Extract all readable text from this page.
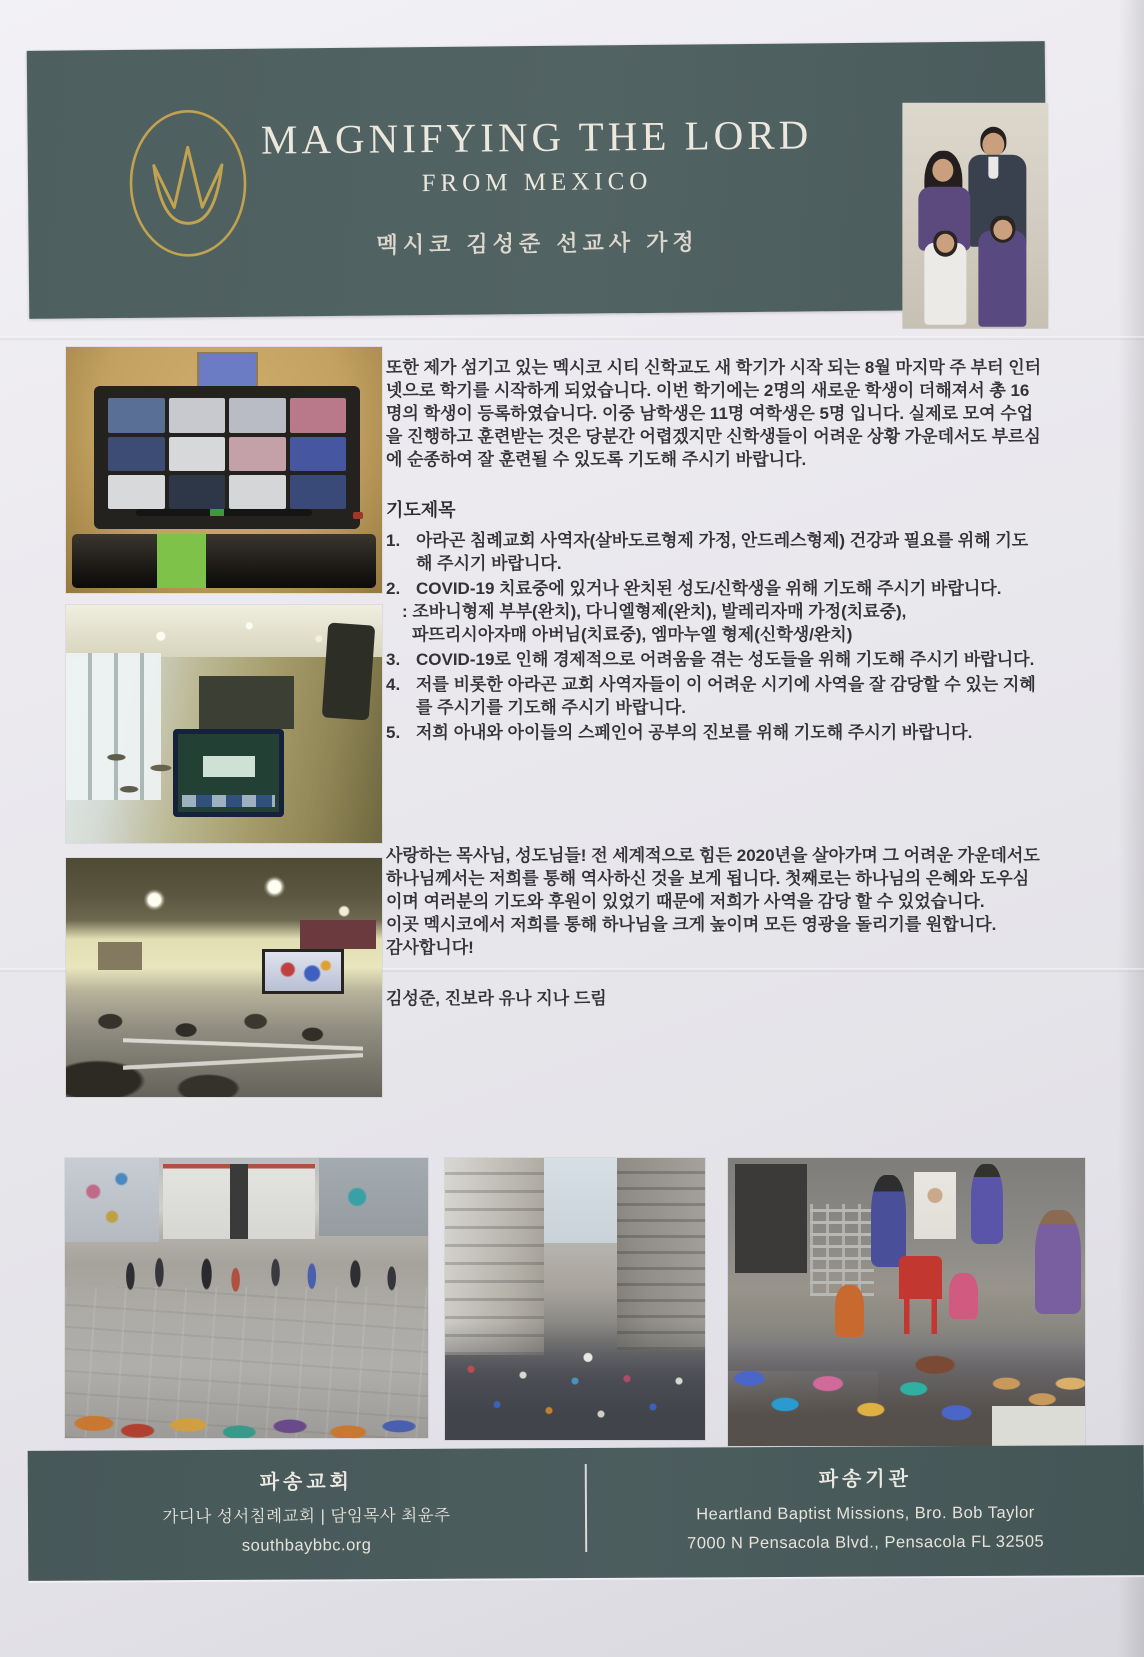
MAGNIFYING THE LORD
FROM MEXICO
멕시코 김성준 선교사 가정

또한 제가 섬기고 있는 멕시코 시티 신학교도 새 학기가 시작 되는 8월 마지막 주 부터 인터넷으로 학기를 시작하게 되었습니다. 이번 학기에는 2명의 새로운 학생이 더해져서 총 16명의 학생이 등록하였습니다. 이중 남학생은 11명 여학생은 5명 입니다. 실제로 모여 수업을 진행하고 훈련받는 것은 당분간 어렵겠지만 신학생들이 어려운 상황 가운데서도 부르심에 순종하여 잘 훈련될 수 있도록 기도해 주시기 바랍니다.

기도제목
1. 아라곤 침례교회 사역자(살바도르형제 가정, 안드레스형제) 건강과 필요를 위해 기도해 주시기 바랍니다.
2. COVID-19 치료중에 있거나 완치된 성도/신학생을 위해 기도해 주시기 바랍니다.
: 조바니형제 부부(완치), 다니엘형제(완치), 발레리자매 가정(치료중),
파뜨리시아자매 아버님(치료중), 엠마누엘 형제(신학생/완치)
3. COVID-19로 인해 경제적으로 어려움을 겪는 성도들을 위해 기도해 주시기 바랍니다.
4. 저를 비롯한 아라곤 교회 사역자들이 이 어려운 시기에 사역을 잘 감당할 수 있는 지혜를 주시기를 기도해 주시기 바랍니다.
5. 저희 아내와 아이들의 스페인어 공부의 진보를 위해 기도해 주시기 바랍니다.

사랑하는 목사님, 성도님들! 전 세계적으로 힘든 2020년을 살아가며 그 어려운 가운데서도 하나님께서는 저희를 통해 역사하신 것을 보게 됩니다. 첫째로는 하나님의 은혜와 도우심이며 여러분의 기도와 후원이 있었기 때문에 저희가 사역을 감당 할 수 있었습니다.

이곳 멕시코에서 저희를 통해 하나님을 크게 높이며 모든 영광을 돌리기를 원합니다.

감사합니다!

김성준, 진보라 유나 지나 드림

파송교회
가디나 성서침례교회 | 담임목사 최윤주
southbaybbc.org
파송기관
Heartland Baptist Missions, Bro. Bob Taylor
7000 N Pensacola Blvd., Pensacola FL 32505
